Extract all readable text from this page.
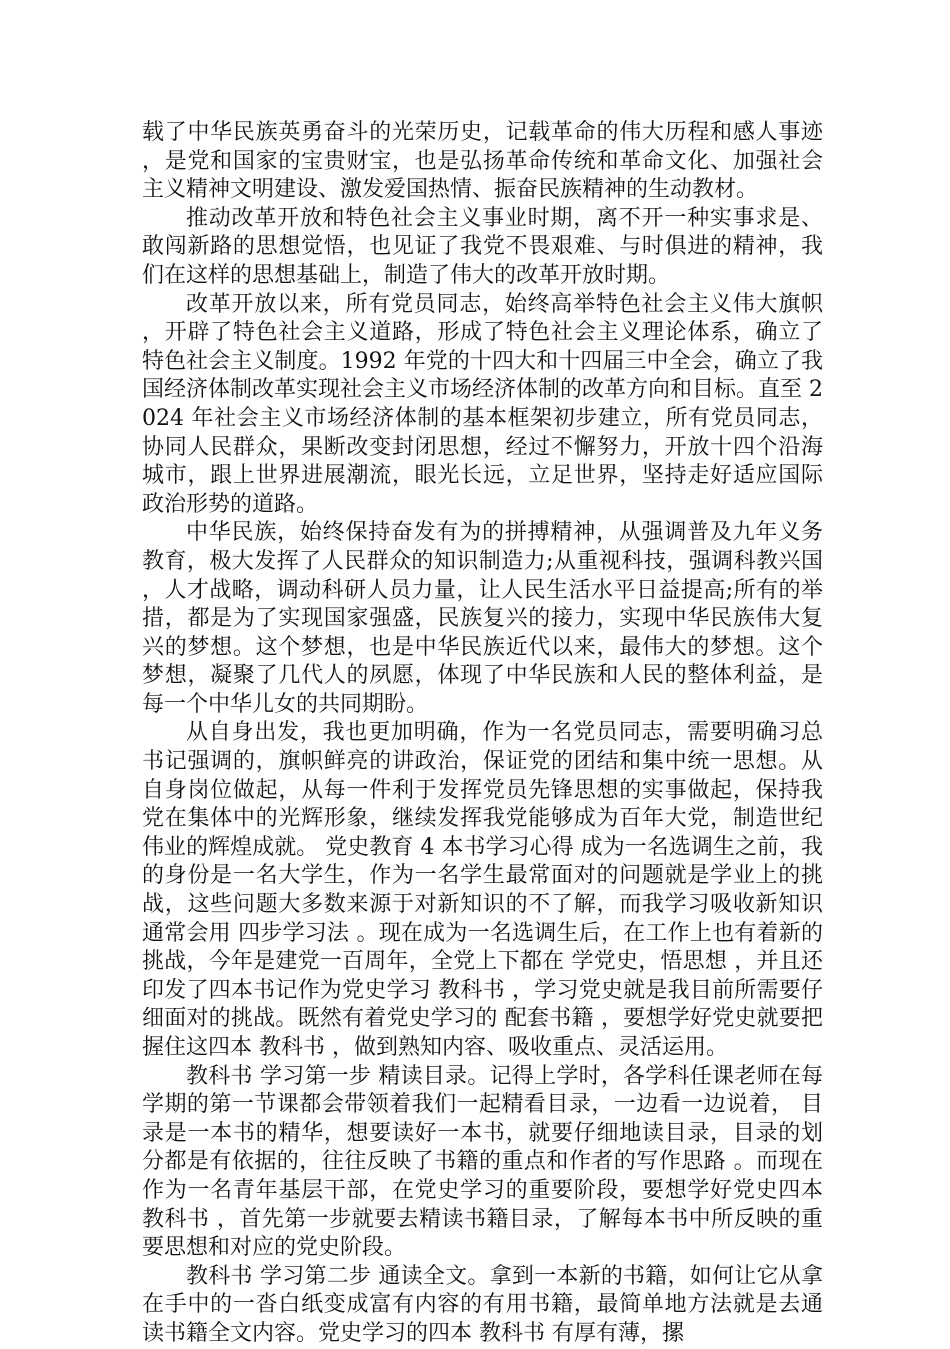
载了中华民族英勇奋斗的光荣历史，记载革命的伟大历程和感人事迹，是党和国家的宝贵财宝，也是弘扬革命传统和革命文化、加强社会主义精神文明建设、激发爱国热情、振奋民族精神的生动教材。

推动改革开放和特色社会主义事业时期，离不开一种实事求是、敢闯新路的思想觉悟，也见证了我党不畏艰难、与时俱进的精神，我们在这样的思想基础上，制造了伟大的改革开放时期。

改革开放以来，所有党员同志，始终高举特色社会主义伟大旗帜，开辟了特色社会主义道路，形成了特色社会主义理论体系，确立了特色社会主义制度。1992 年党的十四大和十四届三中全会，确立了我国经济体制改革实现社会主义市场经济体制的改革方向和目标。直至 2024 年社会主义市场经济体制的基本框架初步建立，所有党员同志，协同人民群众，果断改变封闭思想，经过不懈努力，开放十四个沿海城市，跟上世界进展潮流，眼光长远，立足世界，坚持走好适应国际政治形势的道路。

中华民族，始终保持奋发有为的拼搏精神，从强调普及九年义务教育，极大发挥了人民群众的知识制造力;从重视科技，强调科教兴国，人才战略，调动科研人员力量，让人民生活水平日益提高;所有的举措，都是为了实现国家强盛，民族复兴的接力，实现中华民族伟大复兴的梦想。这个梦想，也是中华民族近代以来，最伟大的梦想。这个梦想，凝聚了几代人的夙愿，体现了中华民族和人民的整体利益，是每一个中华儿女的共同期盼。

从自身出发，我也更加明确，作为一名党员同志，需要明确习总书记强调的，旗帜鲜亮的讲政治，保证党的团结和集中统一思想。从自身岗位做起，从每一件利于发挥党员先锋思想的实事做起，保持我党在集体中的光辉形象，继续发挥我党能够成为百年大党，制造世纪伟业的辉煌成就。 党史教育 4 本书学习心得 成为一名选调生之前，我的身份是一名大学生，作为一名学生最常面对的问题就是学业上的挑战，这些问题大多数来源于对新知识的不了解，而我学习吸收新知识通常会用 四步学习法 。现在成为一名选调生后，在工作上也有着新的挑战，今年是建党一百周年，全党上下都在 学党史，悟思想 ，并且还印发了四本书记作为党史学习 教科书 ，学习党史就是我目前所需要仔细面对的挑战。既然有着党史学习的 配套书籍 ，要想学好党史就要把握住这四本 教科书 ，做到熟知内容、吸收重点、灵活运用。

教科书 学习第一步 精读目录。记得上学时，各学科任课老师在每学期的第一节课都会带领着我们一起精看目录，一边看一边说着， 目录是一本书的精华，想要读好一本书，就要仔细地读目录，目录的划分都是有依据的，往往反映了书籍的重点和作者的写作思路 。而现在作为一名青年基层干部，在党史学习的重要阶段，要想学好党史四本 教科书 ，首先第一步就要去精读书籍目录，了解每本书中所反映的重要思想和对应的党史阶段。

教科书 学习第二步 通读全文。拿到一本新的书籍，如何让它从拿在手中的一沓白纸变成富有内容的有用书籍，最简单地方法就是去通读书籍全文内容。党史学习的四本 教科书 有厚有薄，摞
